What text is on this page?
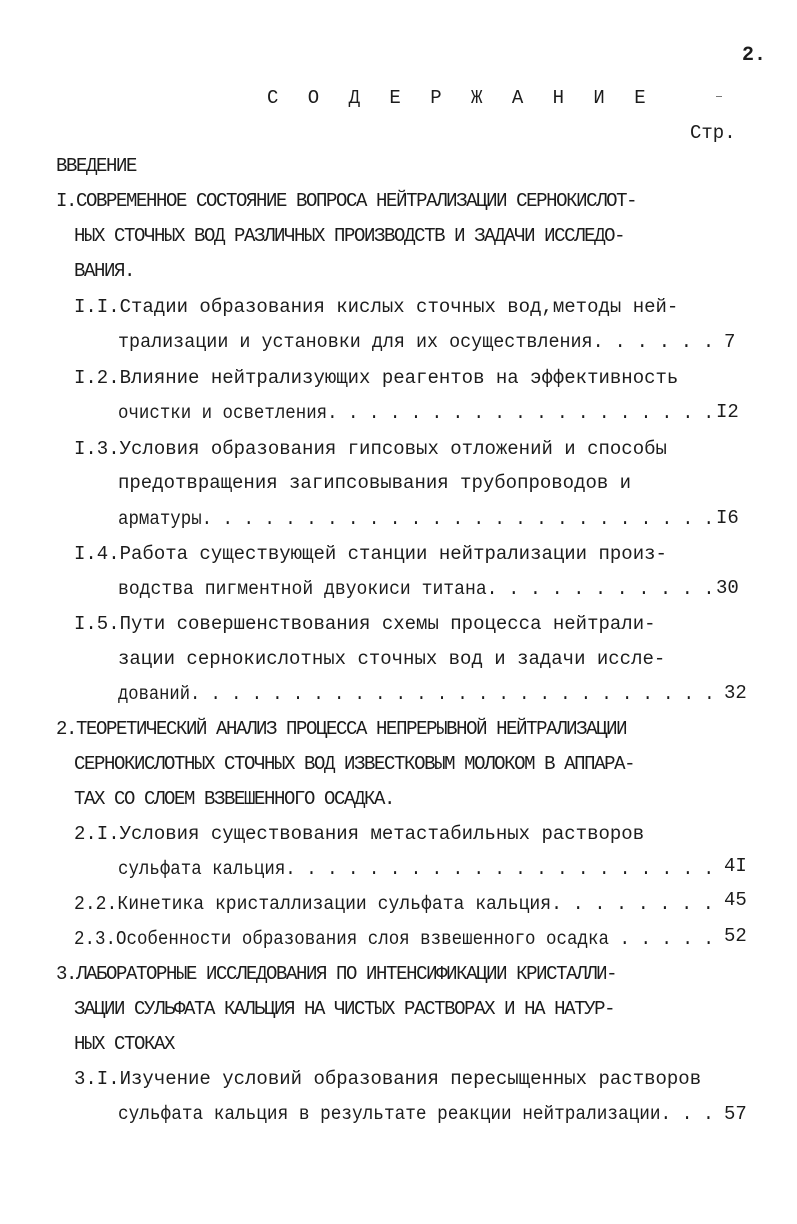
2.
С О Д Е Р Ж А Н И Е
Стр.
ВВЕДЕНИЕ
I.СОВРЕМЕННОЕ СОСТОЯНИЕ ВОПРОСА НЕЙТРАЛИЗАЦИИ СЕРНОКИСЛОТ-
НЫХ СТОЧНЫХ ВОД РАЗЛИЧНЫХ ПРОИЗВОДСТВ И ЗАДАЧИ ИССЛЕДО-
ВАНИЯ.
I.I.Стадии образования кислых сточных вод,методы ней-
трализации и установки для их осуществления. . . . . . 7
I.2.Влияние нейтрализующих реагентов на эффективность
очистки и осветления. . . . . . . . . . . . . . . . . . . I2
I.3.Условия образования гипсовых отложений и способы
предотвращения загипсовывания трубопроводов и
арматуры. . . . . . . . . . . . . . . . . . . . . . . . . I6
I.4.Работа существующей станции нейтрализации произ-
водства пигментной двуокиси титана. . . . . . . . . . . 30
I.5.Пути совершенствования схемы процесса нейтрали-
зации сернокислотных сточных вод и задачи иссле-
дований. . . . . . . . . . . . . . . . . . . . . . . . . . 32
2.ТЕОРЕТИЧЕСКИЙ АНАЛИЗ ПРОЦЕССА НЕПРЕРЫВНОЙ НЕЙТРАЛИЗАЦИИ
СЕРНОКИСЛОТНЫХ СТОЧНЫХ ВОД ИЗВЕСТКОВЫМ МОЛОКОМ В АППАРА-
ТАХ СО СЛОЕМ ВЗВЕШЕННОГО ОСАДКА.
2.I.Условия существования метастабильных растворов
сульфата кальция. . . . . . . . . . . . . . . . . . . . . 4I
2.2.Кинетика кристаллизации сульфата кальция. . . . . . . . 45
2.3.Особенности образования слоя взвешенного осадка . . . . . 52
3.ЛАБОРАТОРНЫЕ ИССЛЕДОВАНИЯ ПО ИНТЕНСИФИКАЦИИ КРИСТАЛЛИ-
ЗАЦИИ СУЛЬФАТА КАЛЬЦИЯ НА ЧИСТЫХ РАСТВОРАХ И НА НАТУР-
НЫХ СТОКАХ
3.I.Изучение условий образования пересыщенных растворов
сульфата кальция в результате реакции нейтрализации. . . 57
